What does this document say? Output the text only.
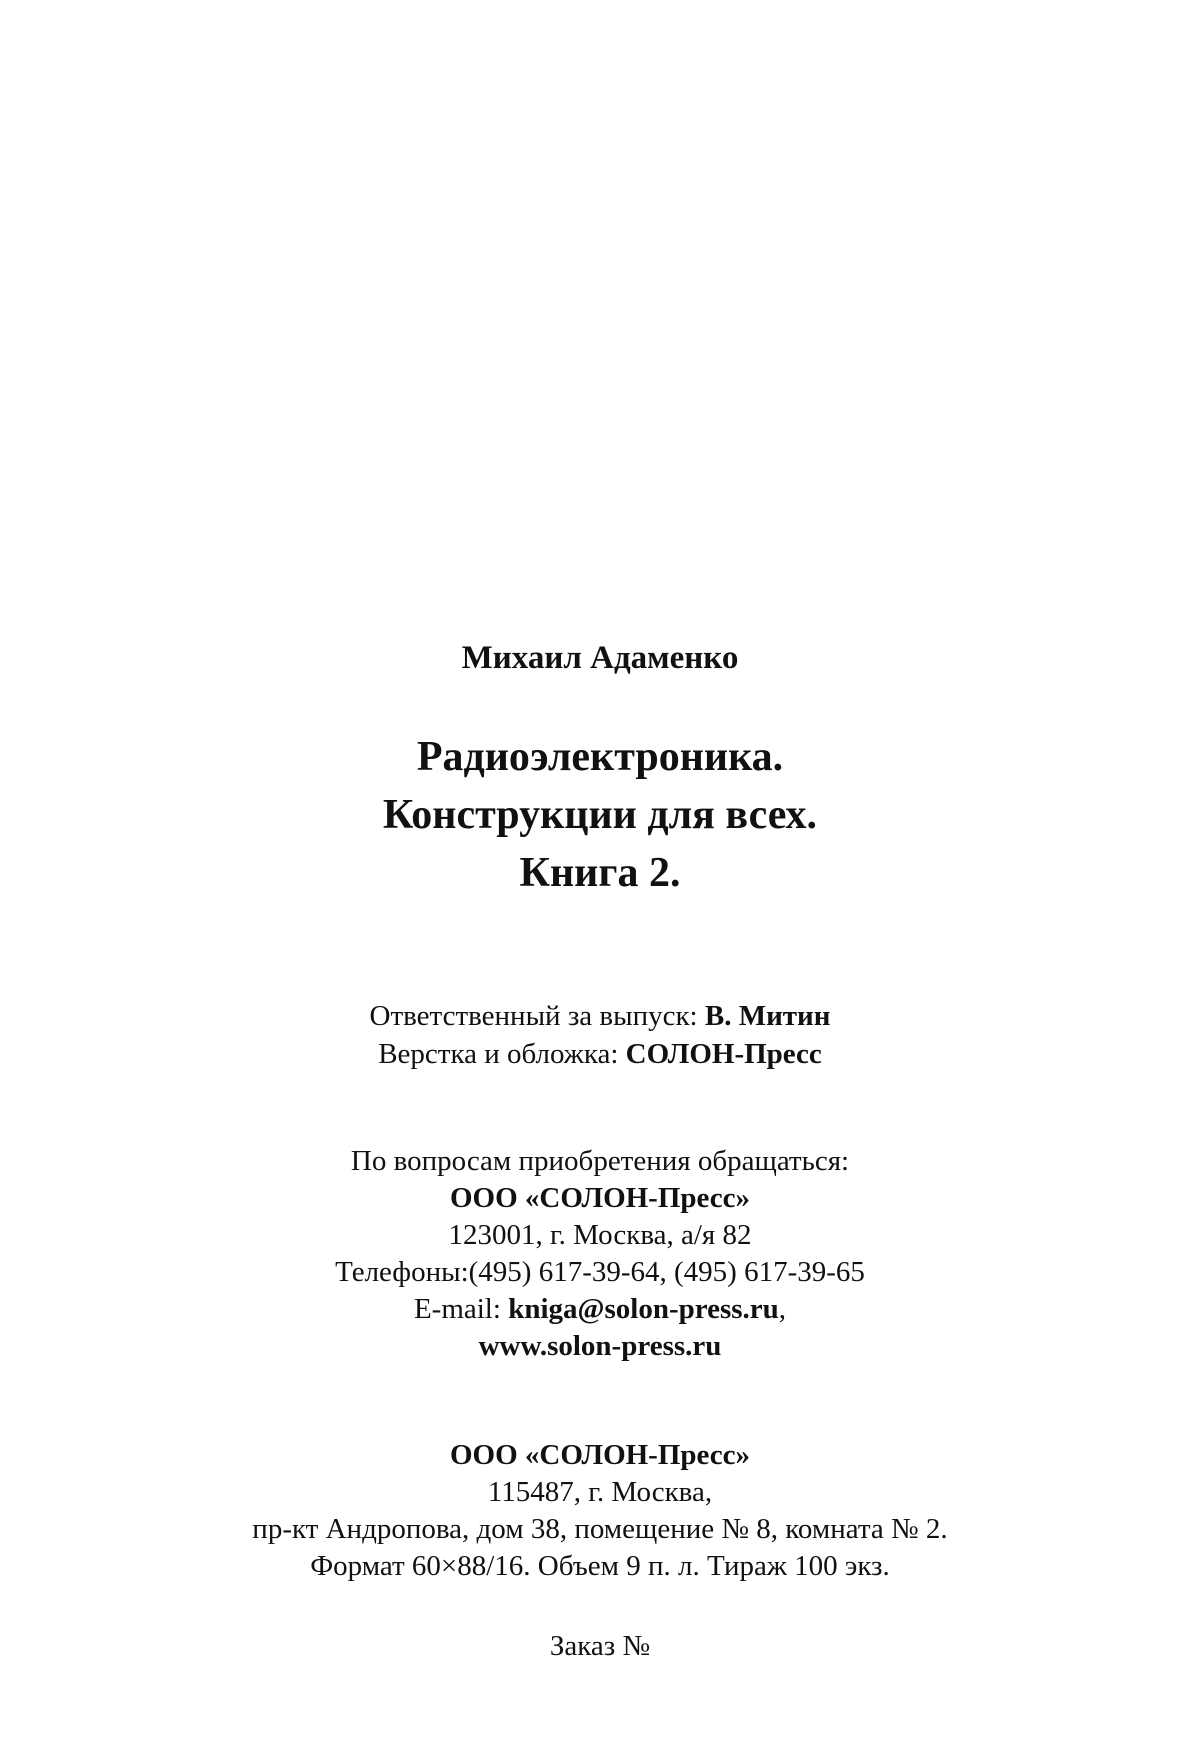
Михаил Адаменко
Радиоэлектроника.
Конструкции для всех.
Книга 2.
Ответственный за выпуск: В. Митин
Верстка и обложка: СОЛОН-Пресс
По вопросам приобретения обращаться:
ООО «СОЛОН-Пресс»
123001, г. Москва, а/я 82
Телефоны:(495) 617-39-64, (495) 617-39-65
E-mail: kniga@solon-press.ru,
www.solon-press.ru
ООО «СОЛОН-Пресс»
115487, г. Москва,
пр-кт Андропова, дом 38, помещение № 8, комната № 2.
Формат 60×88/16. Объем 9 п. л. Тираж 100 экз.
Заказ №
